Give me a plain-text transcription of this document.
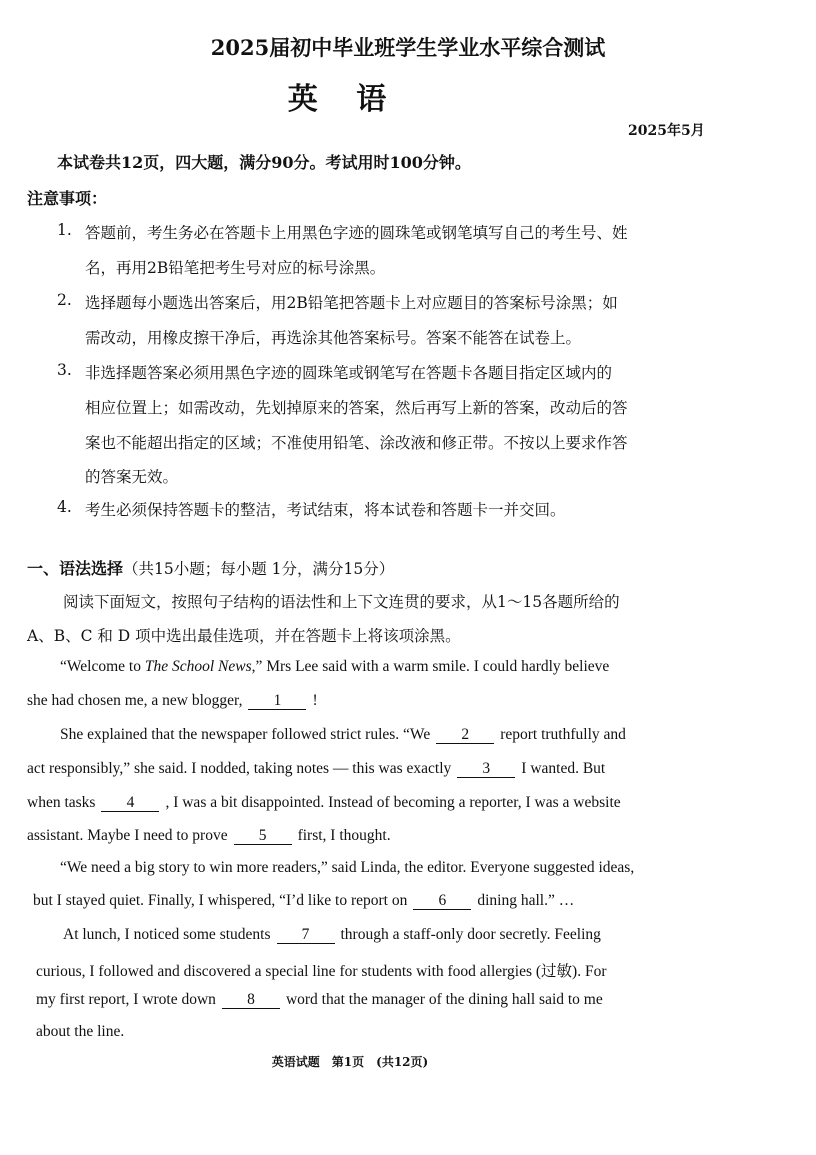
2025届初中毕业班学生学业水平综合测试
英 语
2025年5月
本试卷共12页，四大题，满分90分。考试用时100分钟。
注意事项：
1. 答题前，考生务必在答题卡上用黑色字迹的圆珠笔或钢笔填写自己的考生号、姓
名，再用2B铅笔把考生号对应的标号涂黑。
2. 选择题每小题选出答案后，用2B铅笔把答题卡上对应题目的答案标号涂黑；如
需改动，用橡皮擦干净后，再选涂其他答案标号。答案不能答在试卷上。
3. 非选择题答案必须用黑色字迹的圆珠笔或钢笔写在答题卡各题目指定区域内的
相应位置上；如需改动，先划掉原来的答案，然后再写上新的答案，改动后的答
案也不能超出指定的区域；不准使用铅笔、涂改液和修正带。不按以上要求作答
的答案无效。
4. 考生必须保持答题卡的整洁，考试结束，将本试卷和答题卡一并交回。
一、语法选择（共15小题；每小题 1分，满分15分）
阅读下面短文，按照句子结构的语法性和上下文连贯的要求，从1～15各题所给的
A、B、C 和 D 项中选出最佳选项，并在答题卡上将该项涂黑。
“Welcome to The School News,” Mrs Lee said with a warm smile. I could hardly believe
she had chosen me, a new blogger, 1 !
She explained that the newspaper followed strict rules. “We 2 report truthfully and
act responsibly,” she said. I nodded, taking notes — this was exactly 3 I wanted. But
when tasks 4 , I was a bit disappointed. Instead of becoming a reporter, I was a website
assistant. Maybe I need to prove 5 first, I thought.
“We need a big story to win more readers,” said Linda, the editor. Everyone suggested ideas,
but I stayed quiet. Finally, I whispered, “I’d like to report on 6 dining hall.” …
At lunch, I noticed some students 7 through a staff-only door secretly. Feeling
curious, I followed and discovered a special line for students with food allergies (过敏). For
my first report, I wrote down 8 word that the manager of the dining hall said to me
about the line.
英语试题　第1页　(共12页)
